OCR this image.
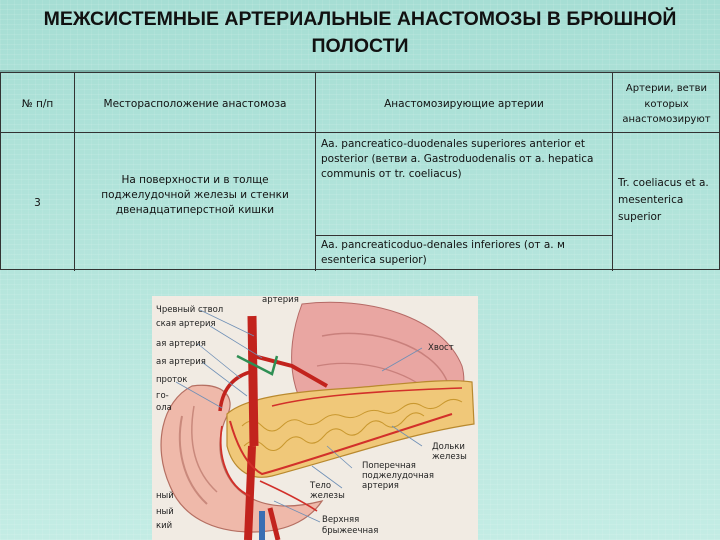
МЕЖСИСТЕМНЫЕ АРТЕРИАЛЬНЫЕ АНАСТОМОЗЫ В БРЮШНОЙ ПОЛОСТИ
№ п/п	Месторасположение анастомоза	Анастомозирующие артерии
Артерии, ветви которых анастомозируют
3
На поверхности и в толще поджелудочной железы и стенки двенадцатиперстной кишки
Аа. pancreatico-duodenales superiores anterior et posterior (ветви a. Gastroduodenalis от a. hepatica communis от tr. coeliacus)
Аа. pancreaticoduo-denales inferiores (от a. м esenterica superior)
Tr. coeliacus et a. mesenterica superior
Чревный ствол
ская артерия
ая артерия
ая артерия
проток
го-
ола
ный
ный
кий
артерия
Хвост
Дольки
железы
Поперечная
поджелудочная
артерия
Тело
железы
Верхняя
брыжеечная
